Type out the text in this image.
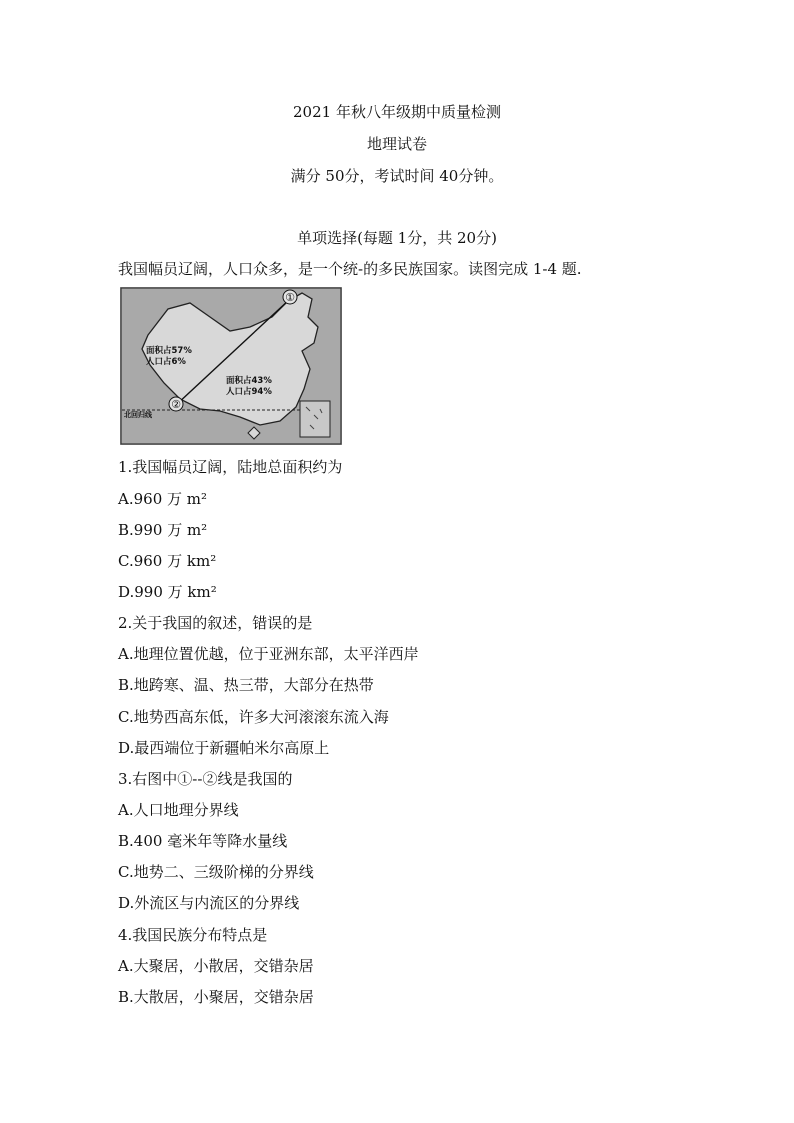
2021 年秋八年级期中质量检测
地理试卷
满分 50分，考试时间 40分钟。
单项选择(每题 1分，共 20分)
我国幅员辽阔，人口众多，是一个统-的多民族国家。读图完成 1-4 题.
①
②
面积占57%
人口占6%
面积占43%
人口占94%
北回归线
1.我国幅员辽阔，陆地总面积约为
A.960 万 m²
B.990 万 m²
C.960 万 km²
D.990 万 km²
2.关于我国的叙述，错误的是
A.地理位置优越，位于亚洲东部，太平洋西岸
B.地跨寒、温、热三带，大部分在热带
C.地势西高东低，许多大河滚滚东流入海
D.最西端位于新疆帕米尔高原上
3.右图中①--②线是我国的
A.人口地理分界线
B.400 毫米年等降水量线
C.地势二、三级阶梯的分界线
D.外流区与内流区的分界线
4.我国民族分布特点是
A.大聚居，小散居，交错杂居
B.大散居，小聚居，交错杂居
